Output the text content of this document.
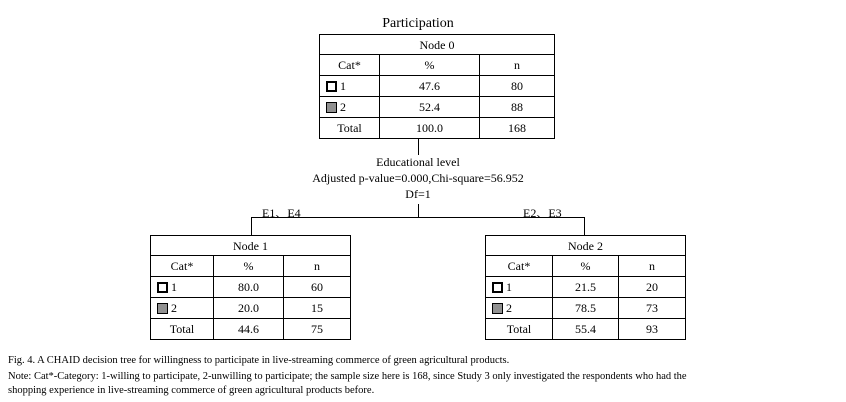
Participation
Node 0		
Cat*	%	n
1	47.6	80
2	52.4	88
Total	100.0	168
Educational level
Adjusted p-value=0.000,Chi-square=56.952
Df=1
E1、E4	E2、E3
Node 1		
Cat*	%	n
1	80.0	60
2	20.0	15
Total	44.6	75
Node 2		
Cat*	%	n
1	21.5	20
2	78.5	73
Total	55.4	93
Fig. 4. A CHAID decision tree for willingness to participate in live-streaming commerce of green agricultural products.
Note: Cat*-Category: 1-willing to participate, 2-unwilling to participate; the sample size here is 168, since Study 3 only investigated the respondents who had the
shopping experience in live-streaming commerce of green agricultural products before.
